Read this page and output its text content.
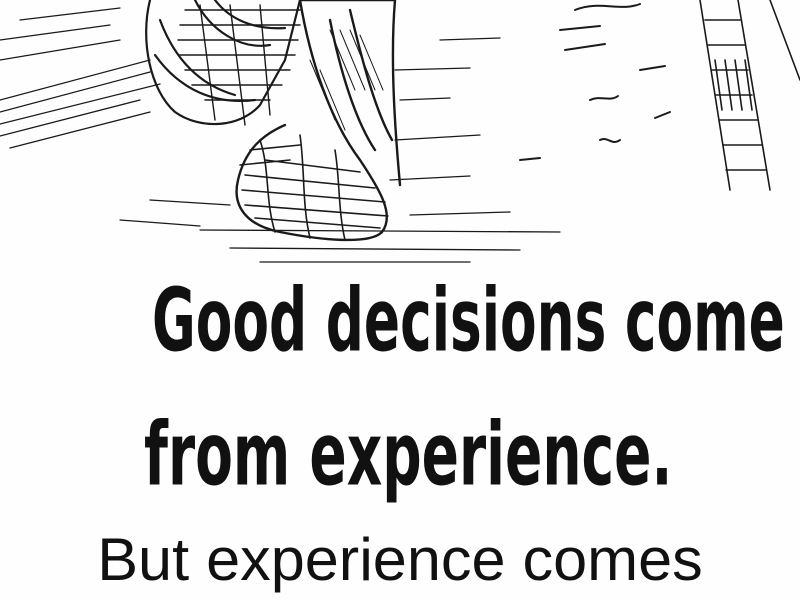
Good decisions come
from experience.

But experience comes
